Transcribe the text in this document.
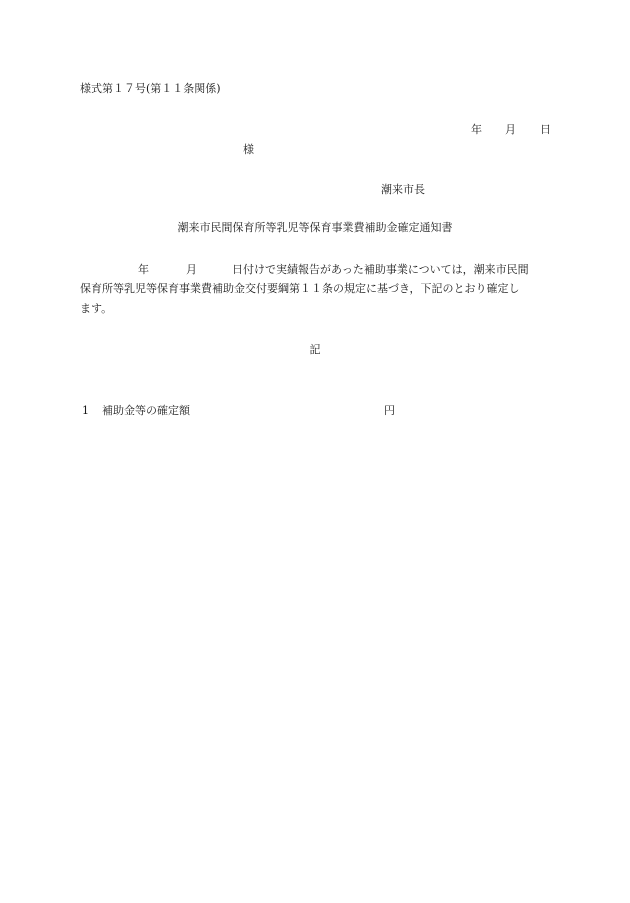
様式第１７号(第１１条関係)
年 月 日
様
潮来市長
潮来市民間保育所等乳児等保育事業費補助金確定通知書
年	月	日付けで実績報告があった補助事業については，潮来市民間
保育所等乳児等保育事業費補助金交付要綱第１１条の規定に基づき，下記のとおり確定し
ます。
記
1 補助金等の確定額	円
